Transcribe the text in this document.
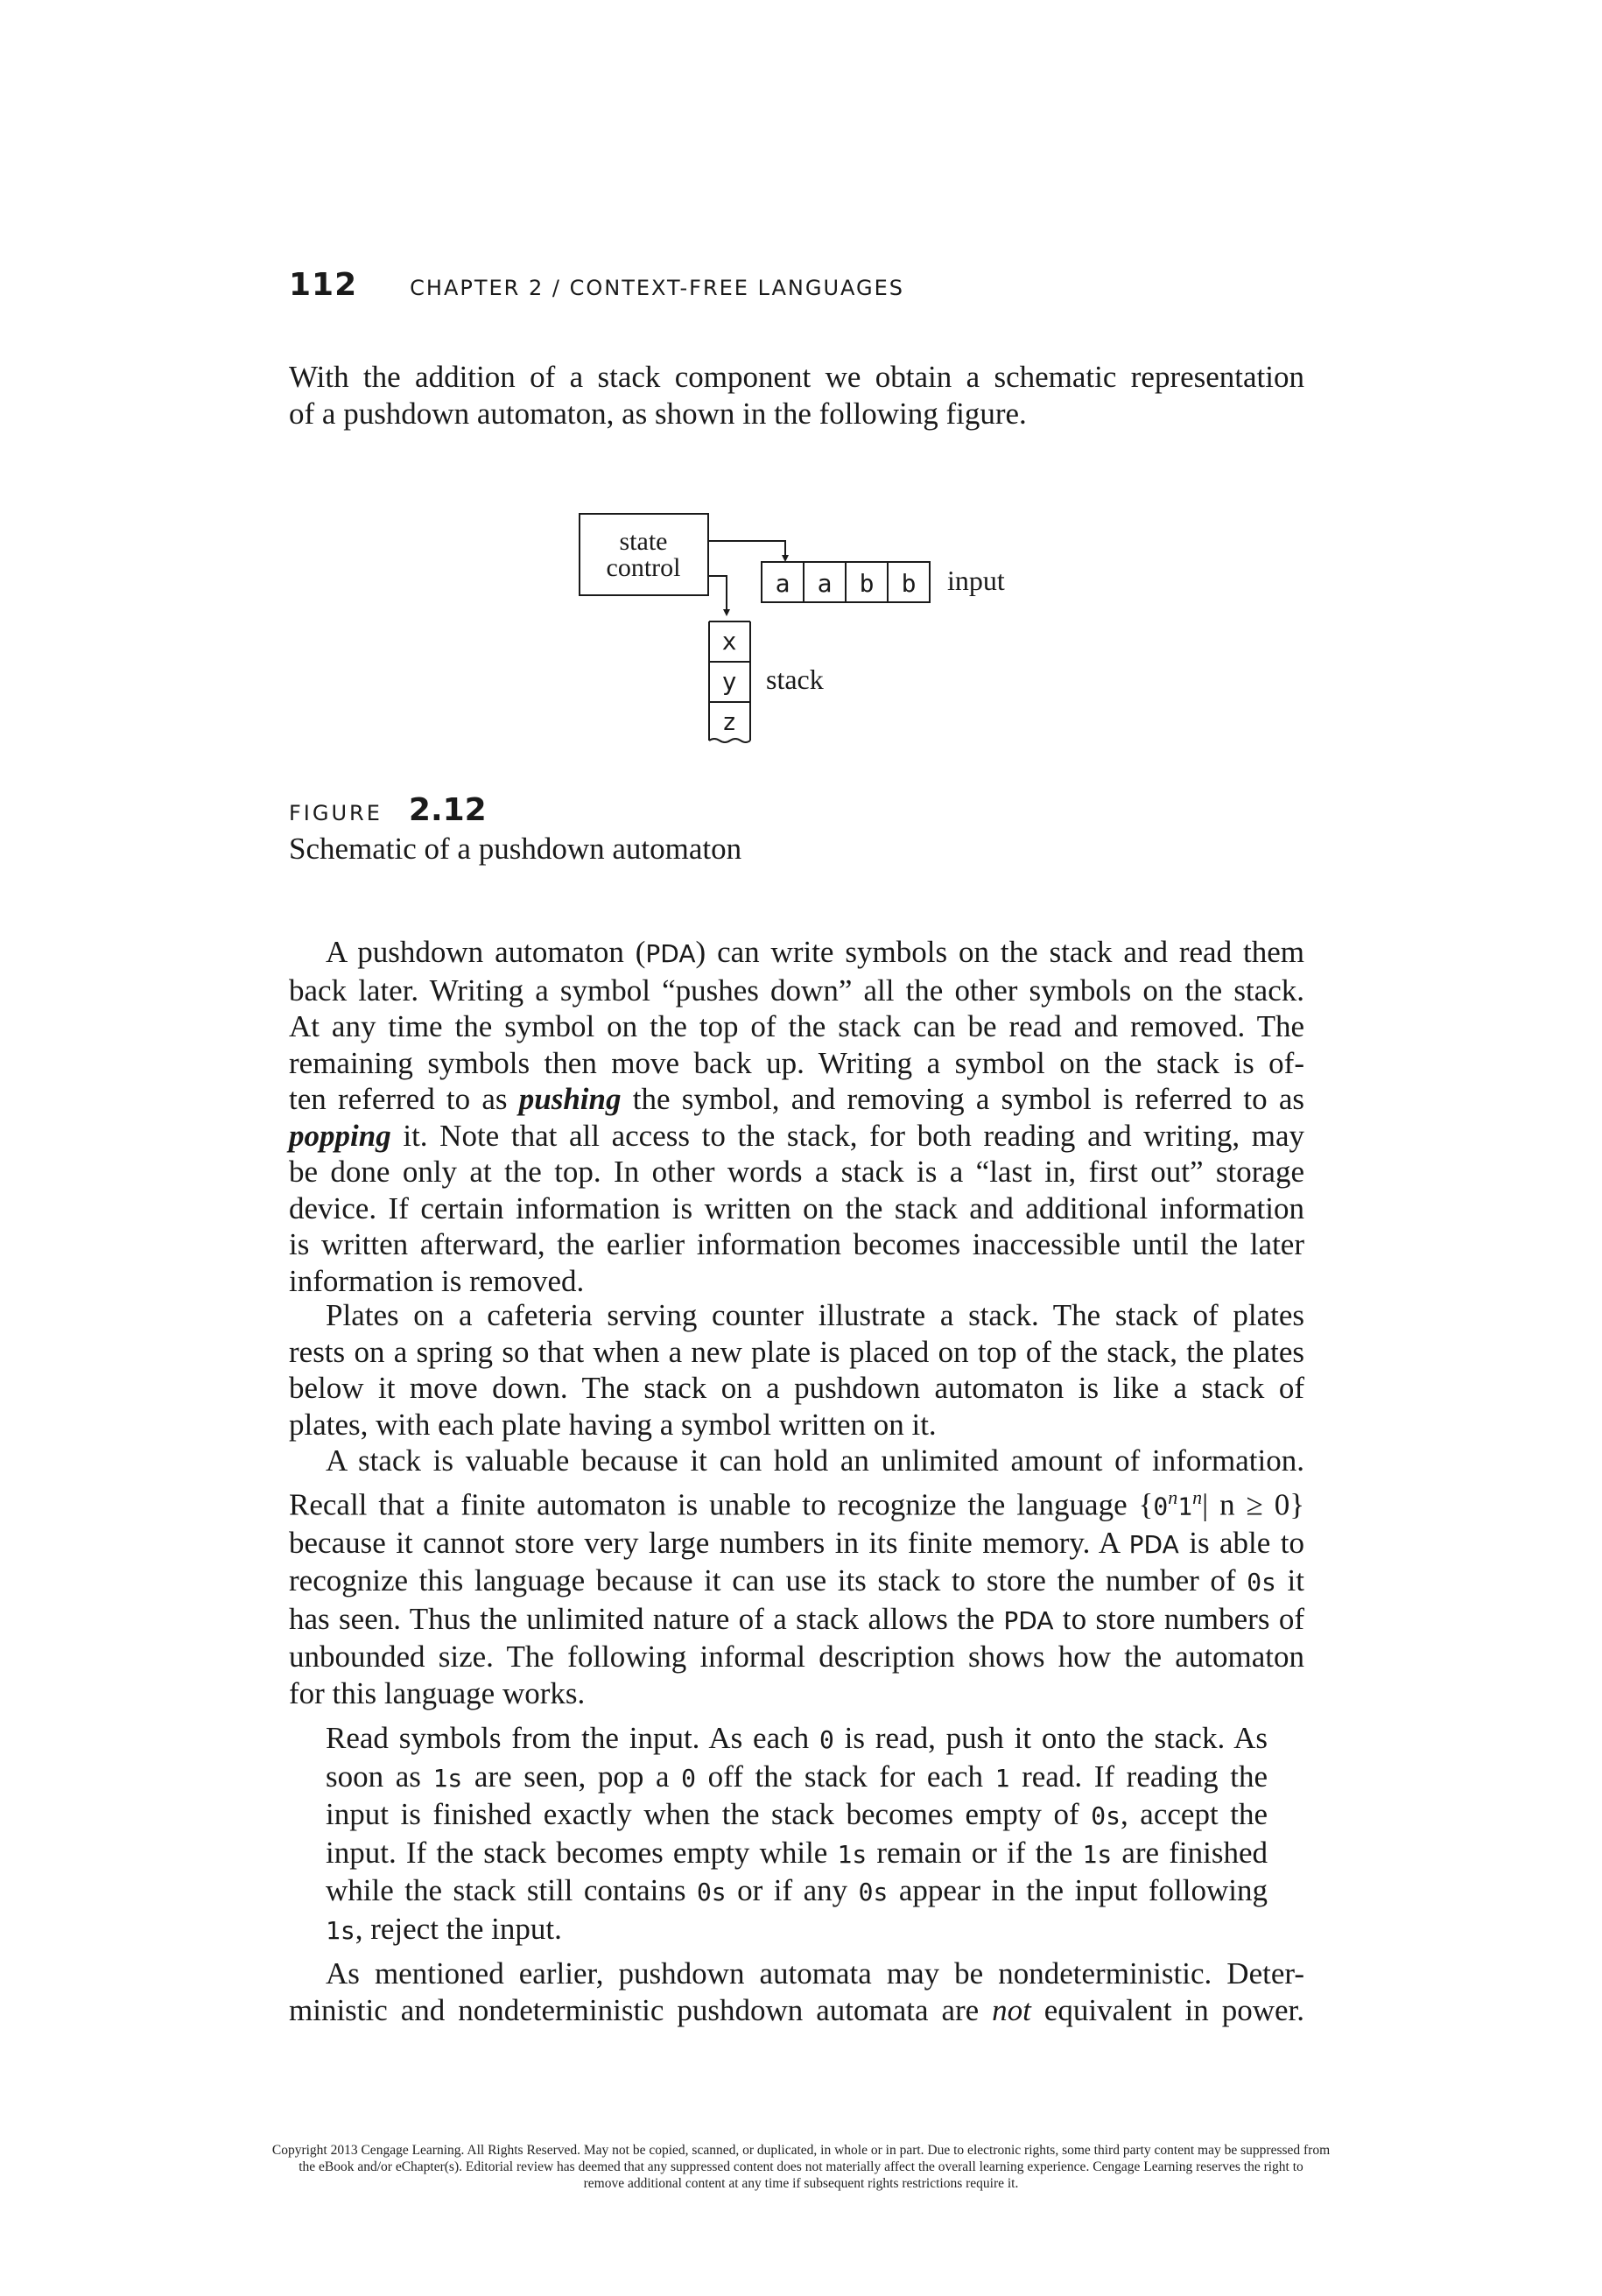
112	CHAPTER 2 / CONTEXT-FREE LANGUAGES

With the addition of a stack component we obtain a schematic representation
of a pushdown automaton, as shown in the following figure.

state
control
a a b b
x
y
z
input
stack
FIGURE 2.12
Schematic of a pushdown automaton

A pushdown automaton (PDA) can write symbols on the stack and read them
back later. Writing a symbol “pushes down” all the other symbols on the stack.
At any time the symbol on the top of the stack can be read and removed. The
remaining symbols then move back up. Writing a symbol on the stack is of-
ten referred to as pushing the symbol, and removing a symbol is referred to as
popping it. Note that all access to the stack, for both reading and writing, may
be done only at the top. In other words a stack is a “last in, first out” storage
device. If certain information is written on the stack and additional information
is written afterward, the earlier information becomes inaccessible until the later
information is removed.

Plates on a cafeteria serving counter illustrate a stack. The stack of plates
rests on a spring so that when a new plate is placed on top of the stack, the plates
below it move down. The stack on a pushdown automaton is like a stack of
plates, with each plate having a symbol written on it.

A stack is valuable because it can hold an unlimited amount of information.
Recall that a finite automaton is unable to recognize the language {0$^n$1$^n$| n ≥ 0}
because it cannot store very large numbers in its finite memory. A PDA is able to
recognize this language because it can use its stack to store the number of 0s it
has seen. Thus the unlimited nature of a stack allows the PDA to store numbers of
unbounded size. The following informal description shows how the automaton
for this language works.

Read symbols from the input. As each 0 is read, push it onto the stack. As
soon as 1s are seen, pop a 0 off the stack for each 1 read. If reading the
input is finished exactly when the stack becomes empty of 0s, accept the
input. If the stack becomes empty while 1s remain or if the 1s are finished
while the stack still contains 0s or if any 0s appear in the input following
1s, reject the input.

As mentioned earlier, pushdown automata may be nondeterministic. Deter-
ministic and nondeterministic pushdown automata are not equivalent in power.

Copyright 2013 Cengage Learning. All Rights Reserved. May not be copied, scanned, or duplicated, in whole or in part. Due to electronic rights, some third party content may be suppressed from
the eBook and/or eChapter(s). Editorial review has deemed that any suppressed content does not materially affect the overall learning experience. Cengage Learning reserves the right to
remove additional content at any time if subsequent rights restrictions require it.
